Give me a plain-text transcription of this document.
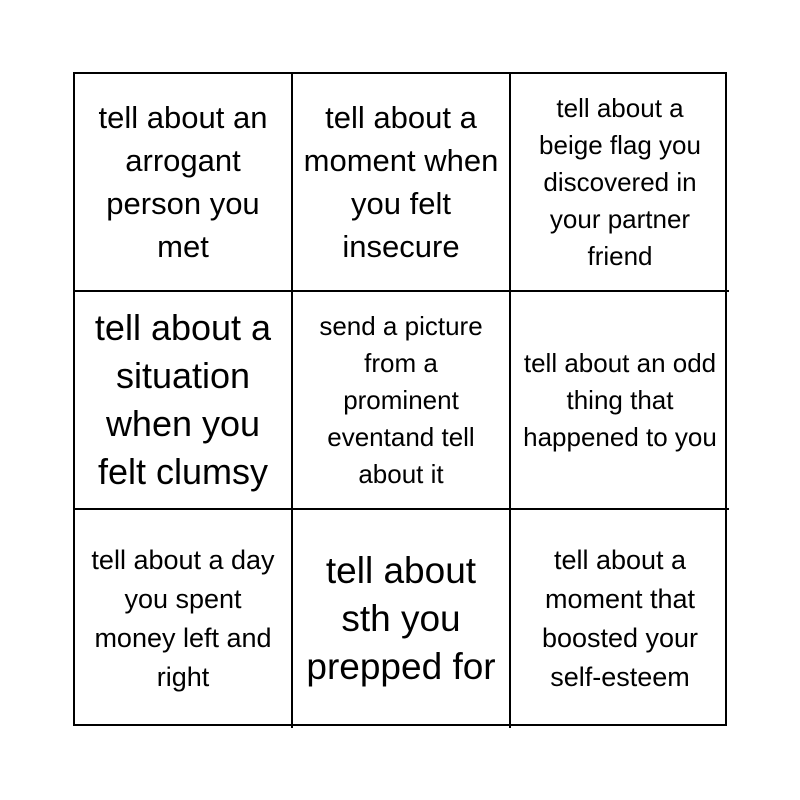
tell about an arrogant person you met
tell about a moment when you felt insecure
tell about a beige flag you discovered in your partner friend
tell about a situation when you felt clumsy
send a picture from a prominent eventand tell about it
tell about an odd thing that happened to you
tell about a day you spent money left and right
tell about sth you prepped for
tell about a moment that boosted your self-esteem
